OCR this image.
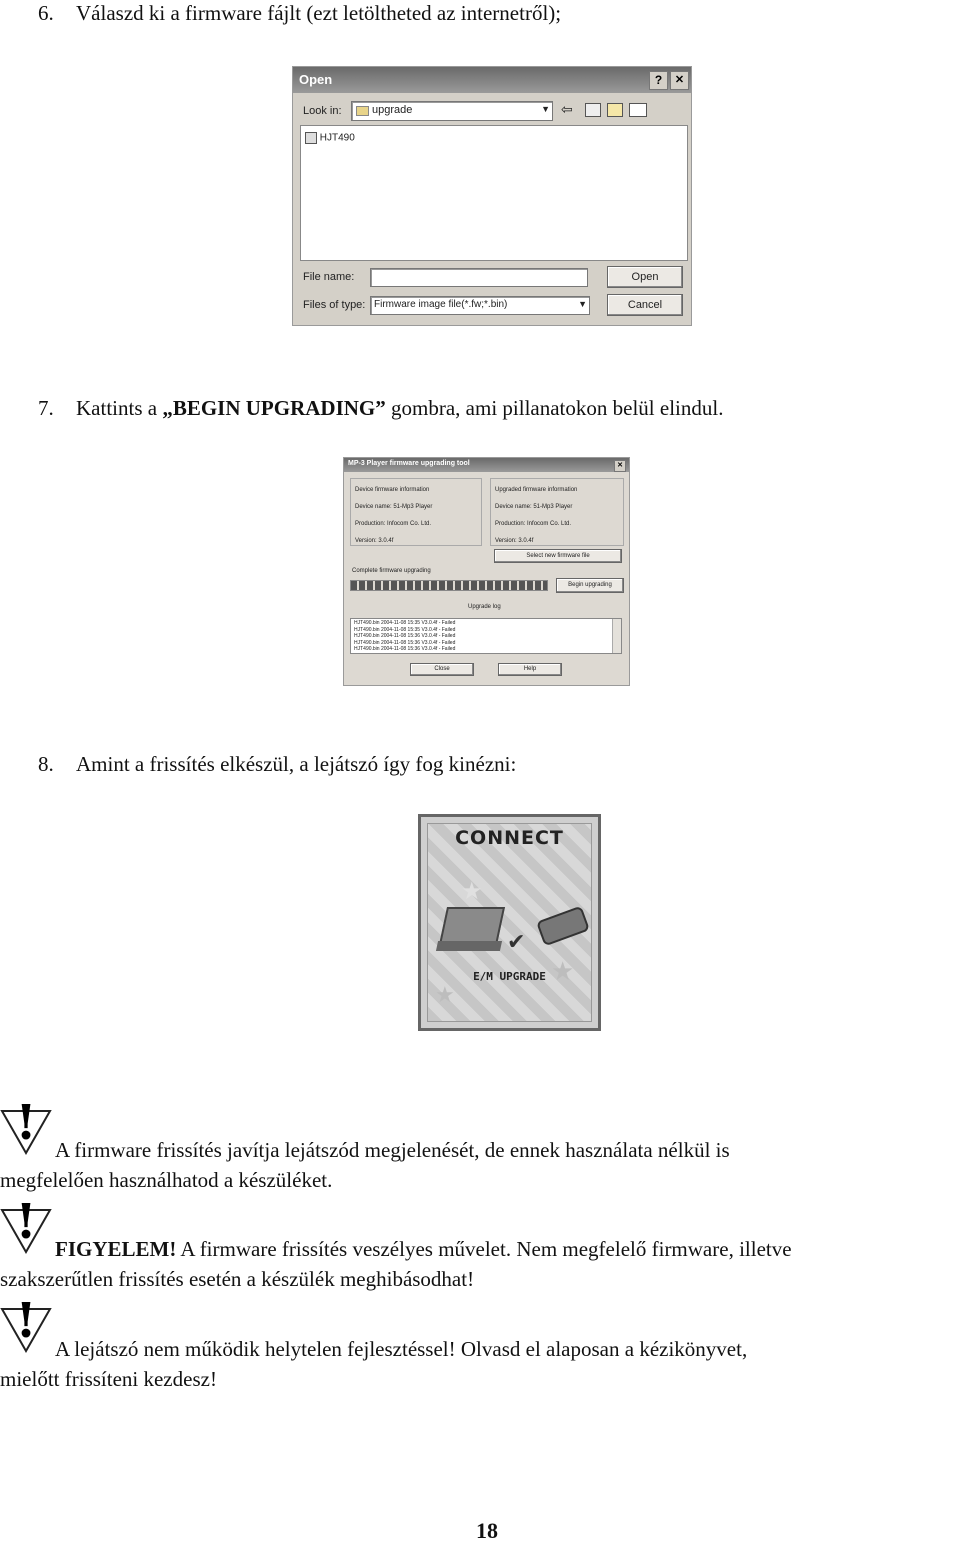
6. Válaszd ki a firmware fájlt (ezt letöltheted az internetről);
Open	?	✕
Look in:	upgrade	▼ ⇦
HJT490
File name:
Files of type: Firmware image file(*.fw;*.bin)	▼
Open
Cancel
7. Kattints a „BEGIN UPGRADING” gombra, ami pillanatokon belül elindul.
MP-3 Player firmware upgrading tool	✕
Device firmware information
Device name: 51-Mp3 Player
Production: Infocom Co. Ltd.
Version: 3.0.4f
Upgraded firmware information
Device name: 51-Mp3 Player
Production: Infocom Co. Ltd.
Version: 3.0.4f
Select new firmware file
Complete firmware upgrading
Begin upgrading
Upgrade log
HJT490.bin 2004-11-08 15:35 V3.0.4f - Failed
HJT490.bin 2004-11-08 15:35 V3.0.4f - Failed
HJT490.bin 2004-11-08 15:36 V3.0.4f - Failed
HJT490.bin 2004-11-08 15:36 V3.0.4f - Failed
HJT490.bin 2004-11-08 15:36 V3.0.4f - Failed
Close	Help
8. Amint a frissítés elkészül, a lejátszó így fog kinézni:
CONNECT
✔
★
★
★
E/M UPGRADE
! A firmware frissítés javítja lejátszód megjelenését, de ennek használata nélkül is
megfelelően használhatod a készüléket.
! FIGYELEM! A firmware frissítés veszélyes művelet. Nem megfelelő firmware, illetve
szakszerűtlen frissítés esetén a készülék meghibásodhat!
! A lejátszó nem működik helytelen fejlesztéssel! Olvasd el alaposan a kézikönyvet,
mielőtt frissíteni kezdesz!
18
